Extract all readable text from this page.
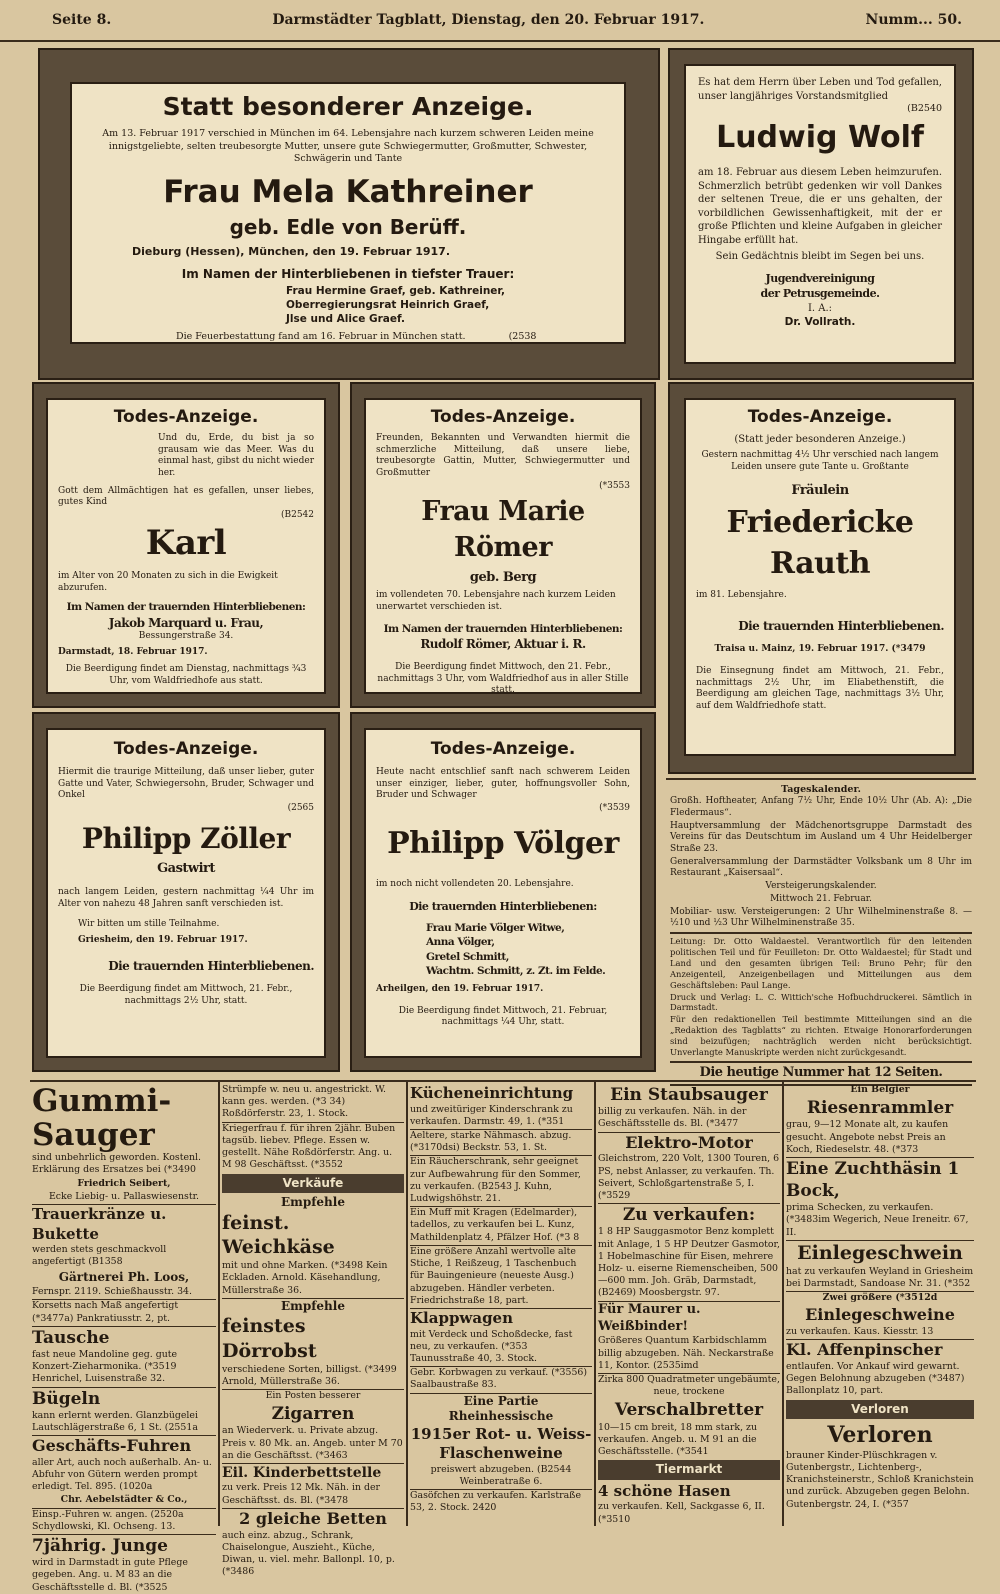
Seite 8.	Darmstädter Tagblatt, Dienstag, den 20. Februar 1917.	Numm... 50.
Statt besonderer Anzeige.
Am 13. Februar 1917 verschied in München im 64. Lebensjahre nach kurzem schweren Leiden meine innigstgeliebte, selten treubesorgte Mutter, unsere gute Schwiegermutter, Großmutter, Schwester, Schwägerin und Tante
Frau Mela Kathreiner
geb. Edle von Berüff.
Dieburg (Hessen), München, den 19. Februar 1917.
Im Namen der Hinterbliebenen in tiefster Trauer:
Frau Hermine Graef, geb. Kathreiner,
Oberregierungsrat Heinrich Graef,
Jlse und Alice Graef.
Die Feuerbestattung fand am 16. Februar in München statt.	(2538
Es hat dem Herrn über Leben und Tod gefallen, unser langjähriges Vorstandsmitglied
(B2540
Ludwig Wolf
am 18. Februar aus diesem Leben heimzurufen. Schmerzlich betrübt gedenken wir voll Dankes der seltenen Treue, die er uns gehalten, der vorbildlichen Gewissenhaftigkeit, mit der er große Pflichten und kleine Aufgaben in gleicher Hingabe erfüllt hat.
Sein Gedächtnis bleibt im Segen bei uns.
Jugendvereinigung
der Petrusgemeinde.
I. A.:
Dr. Vollrath.
Todes-Anzeige.
Und du, Erde, du bist ja so grausam wie das Meer. Was du einmal hast, gibst du nicht wieder her.
Gott dem Allmächtigen hat es gefallen, unser liebes, gutes Kind
(B2542
Karl
im Alter von 20 Monaten zu sich in die Ewigkeit abzurufen.
Im Namen der trauernden Hinterbliebenen:
Jakob Marquard u. Frau,
Bessungerstraße 34.
Darmstadt, 18. Februar 1917.
Die Beerdigung findet am Dienstag, nachmittags ¾3 Uhr, vom Waldfriedhofe aus statt.
Todes-Anzeige.
Freunden, Bekannten und Verwandten hiermit die schmerzliche Mitteilung, daß unsere liebe, treubesorgte Gattin, Mutter, Schwiegermutter und Großmutter
(*3553
Frau Marie Römer
geb. Berg
im vollendeten 70. Lebensjahre nach kurzem Leiden unerwartet verschieden ist.
Im Namen der trauernden Hinterbliebenen:
Rudolf Römer, Aktuar i. R.
Die Beerdigung findet Mittwoch, den 21. Febr., nachmittags 3 Uhr, vom Waldfriedhof aus in aller Stille statt.
Todes-Anzeige.
(Statt jeder besonderen Anzeige.)
Gestern nachmittag 4½ Uhr verschied nach langem Leiden unsere gute Tante u. Großtante
Fräulein
Friedericke Rauth
im 81. Lebensjahre.
Die trauernden Hinterbliebenen.
Traisa u. Mainz, 19. Februar 1917. (*3479
Die Einsegnung findet am Mittwoch, 21. Febr., nachmittags 2½ Uhr, im Eliabethenstift, die Beerdigung am gleichen Tage, nachmittags 3½ Uhr, auf dem Waldfriedhofe statt.
Todes-Anzeige.
Hiermit die traurige Mitteilung, daß unser lieber, guter Gatte und Vater, Schwiegersohn, Bruder, Schwager und Onkel
(2565
Philipp Zöller
Gastwirt
nach langem Leiden, gestern nachmittag ¼4 Uhr im Alter von nahezu 48 Jahren sanft verschieden ist.
Wir bitten um stille Teilnahme.
Griesheim, den 19. Februar 1917.
Die trauernden Hinterbliebenen.
Die Beerdigung findet am Mittwoch, 21. Febr., nachmittags 2½ Uhr, statt.
Todes-Anzeige.
Heute nacht entschlief sanft nach schwerem Leiden unser einziger, lieber, guter, hoffnungsvoller Sohn, Bruder und Schwager
(*3539
Philipp Völger
im noch nicht vollendeten 20. Lebensjahre.
Die trauernden Hinterbliebenen:
Frau Marie Völger Witwe,
Anna Völger,
Gretel Schmitt,
Wachtm. Schmitt, z. Zt. im Felde.
Arheilgen, den 19. Februar 1917.
Die Beerdigung findet Mittwoch, 21. Februar, nachmittags ¼4 Uhr, statt.
Tageskalender.

Großh. Hoftheater, Anfang 7½ Uhr, Ende 10½ Uhr (Ab. A): „Die Fledermaus“.

Hauptversammlung der Mädchenortsgruppe Darmstadt des Vereins für das Deutschtum im Ausland um 4 Uhr Heidelberger Straße 23.

Generalversammlung der Darmstädter Volksbank um 8 Uhr im Restaurant „Kaisersaal“.

Versteigerungskalender.

Mittwoch 21. Februar.

Mobiliar- usw. Versteigerungen: 2 Uhr Wilhelminenstraße 8. — ½10 und ½3 Uhr Wilhelminenstraße 35.

Leitung: Dr. Otto Waldaestel. Verantwortlich für den leitenden politischen Teil und für Feuilleton: Dr. Otto Waldaestel; für Stadt und Land und den gesamten übrigen Teil: Bruno Pehr; für den Anzeigenteil, Anzeigenbeilagen und Mitteilungen aus dem Geschäftsleben: Paul Lange.

Druck und Verlag: L. C. Wittich'sche Hofbuchdruckerei. Sämtlich in Darmstadt.

Für den redaktionellen Teil bestimmte Mitteilungen sind an die „Redaktion des Tagblatts“ zu richten. Etwaige Honorarforderungen sind beizufügen; nachträglich werden nicht berücksichtigt. Unverlangte Manuskripte werden nicht zurückgesandt.

Die heutige Nummer hat 12 Seiten.
Gummi-Sauger

sind unbehrlich geworden. Kostenl. Erklärung des Ersatzes bei (*3490

Friedrich Seibert,

Ecke Liebig- u. Pallaswiesenstr.

Trauerkränze u. Bukette

werden stets geschmackvoll angefertigt (B1358

Gärtnerei Ph. Loos,

Fernspr. 2119. Schießhausstr. 34.

Korsetts nach Maß angefertigt (*3477a) Pankratiusstr. 2, pt.

Tausche

fast neue Mandoline geg. gute Konzert-Zieharmonika. (*3519 Henrichel, Luisenstraße 32.

Bügeln

kann erlernt werden. Glanzbügelei Lautschlägerstraße 6, 1 St. (2551a

Geschäfts-Fuhren

aller Art, auch noch außerhalb. An- u. Abfuhr von Gütern werden prompt erledigt. Tel. 895. (1020a

Chr. Aebelstädter & Co.,

Einsp.-Fuhren w. angen. (2520a Schydlowski, Kl. Ochseng. 13.

7jährig. Junge

wird in Darmstadt in gute Pflege gegeben. Ang. u. M 83 an die Geschäftsstelle d. Bl. (*3525

Strümpfe w. neu u. angestrickt. W. kann ges. werden. (*3 34) Roßdörferstr. 23, 1. Stock.

Kriegerfrau f. für ihren 2jähr. Buben tagsüb. liebev. Pflege. Essen w. gestellt. Nähe Roßdörferstr. Ang. u. M 98 Geschäftsst. (*3552

Verkäufe
Empfehle
feinst. Weichkäse

mit und ohne Marken. (*3498 Kein Eckladen. Arnold. Käsehandlung, Müllerstraße 36.

Empfehle
feinstes Dörrobst

verschiedene Sorten, billigst. (*3499 Arnold, Müllerstraße 36.

Ein Posten besserer

Zigarren

an Wiederverk. u. Private abzug. Preis v. 80 Mk. an. Angeb. unter M 70 an die Geschäftsst. (*3463

Eil. Kinderbettstelle

zu verk. Preis 12 Mk. Näh. in der Geschäftsst. ds. Bl. (*3478

2 gleiche Betten

auch einz. abzug., Schrank, Chaiselongue, Auszieht., Küche, Diwan, u. viel. mehr. Ballonpl. 10, p. (*3486

Kücheneinrichtung

und zweitüriger Kinderschrank zu verkaufen. Darmstr. 49, 1. (*351

Aeltere, starke Nähmasch. abzug. (*3170dsi) Beckstr. 53, 1. St.

Ein Räucherschrank, sehr geeignet zur Aufbewahrung für den Sommer, zu verkaufen. (B2543 J. Kuhn, Ludwigshöhstr. 21.

Ein Muff mit Kragen (Edelmarder), tadellos, zu verkaufen bei L. Kunz, Mathildenplatz 4, Pfälzer Hof. (*3 8

Eine größere Anzahl wertvolle alte Stiche, 1 Reißzeug, 1 Taschenbuch für Bauingenieure (neueste Ausg.) abzugeben. Händler verbeten. Friedrichstraße 18, part.

Klappwagen

mit Verdeck und Schoßdecke, fast neu, zu verkaufen. (*353 Taunusstraße 40, 3. Stock.

Gebr. Korbwagen zu verkauf. (*3556) Saalbaustraße 83.

Eine Partie Rheinhessische
1915er Rot- u. Weiss-Flaschenweine

preiswert abzugeben. (B2544 Weinberatraße 6.

Gasöfchen zu verkaufen. Karlstraße 53, 2. Stock. 2420

Ein Staubsauger

billig zu verkaufen. Näh. in der Geschäftsstelle ds. Bl. (*3477

Elektro-Motor

Gleichstrom, 220 Volt, 1300 Touren, 6 PS, nebst Anlasser, zu verkaufen. Th. Seivert, Schloßgartenstraße 5, I. (*3529

Zu verkaufen:

1 8 HP Sauggasmotor Benz komplett mit Anlage, 1 5 HP Deutzer Gasmotor, 1 Hobelmaschine für Eisen, mehrere Holz- u. eiserne Riemenscheiben, 500—600 mm. Joh. Gräb, Darmstadt, (B2469) Moosbergstr. 97.

Für Maurer u. Weißbinder!

Größeres Quantum Karbidschlamm billig abzugeben. Näh. Neckarstraße 11, Kontor. (2535imd

Zirka 800 Quadratmeter ungebäumte, neue, trockene

Verschalbretter

10—15 cm breit, 18 mm stark, zu verkaufen. Angeb. u. M 91 an die Geschäftsstelle. (*3541

Tiermarkt
4 schöne Hasen

zu verkaufen. Kell, Sackgasse 6, II. (*3510

Ein Belgier

Riesenrammler

grau, 9—12 Monate alt, zu kaufen gesucht. Angebote nebst Preis an Koch, Riedeselstr. 48. (*373

Eine Zuchthäsin 1 Bock,

prima Schecken, zu verkaufen. (*3483im Wegerich, Neue Ireneitr. 67, II.

Einlegeschwein

hat zu verkaufen Weyland in Griesheim bei Darmstadt, Sandoase Nr. 31. (*352

Zwei größere (*3512d

Einlegeschweine

zu verkaufen. Kaus. Kiesstr. 13

Kl. Affenpinscher

entlaufen. Vor Ankauf wird gewarnt. Gegen Belohnung abzugeben (*3487) Ballonplatz 10, part.

Verloren
Verloren

brauner Kinder-Plüschkragen v. Gutenbergstr., Lichtenberg-, Kranichsteinerstr., Schloß Kranichstein und zurück. Abzugeben gegen Belohn. Gutenbergstr. 24, I. (*357
